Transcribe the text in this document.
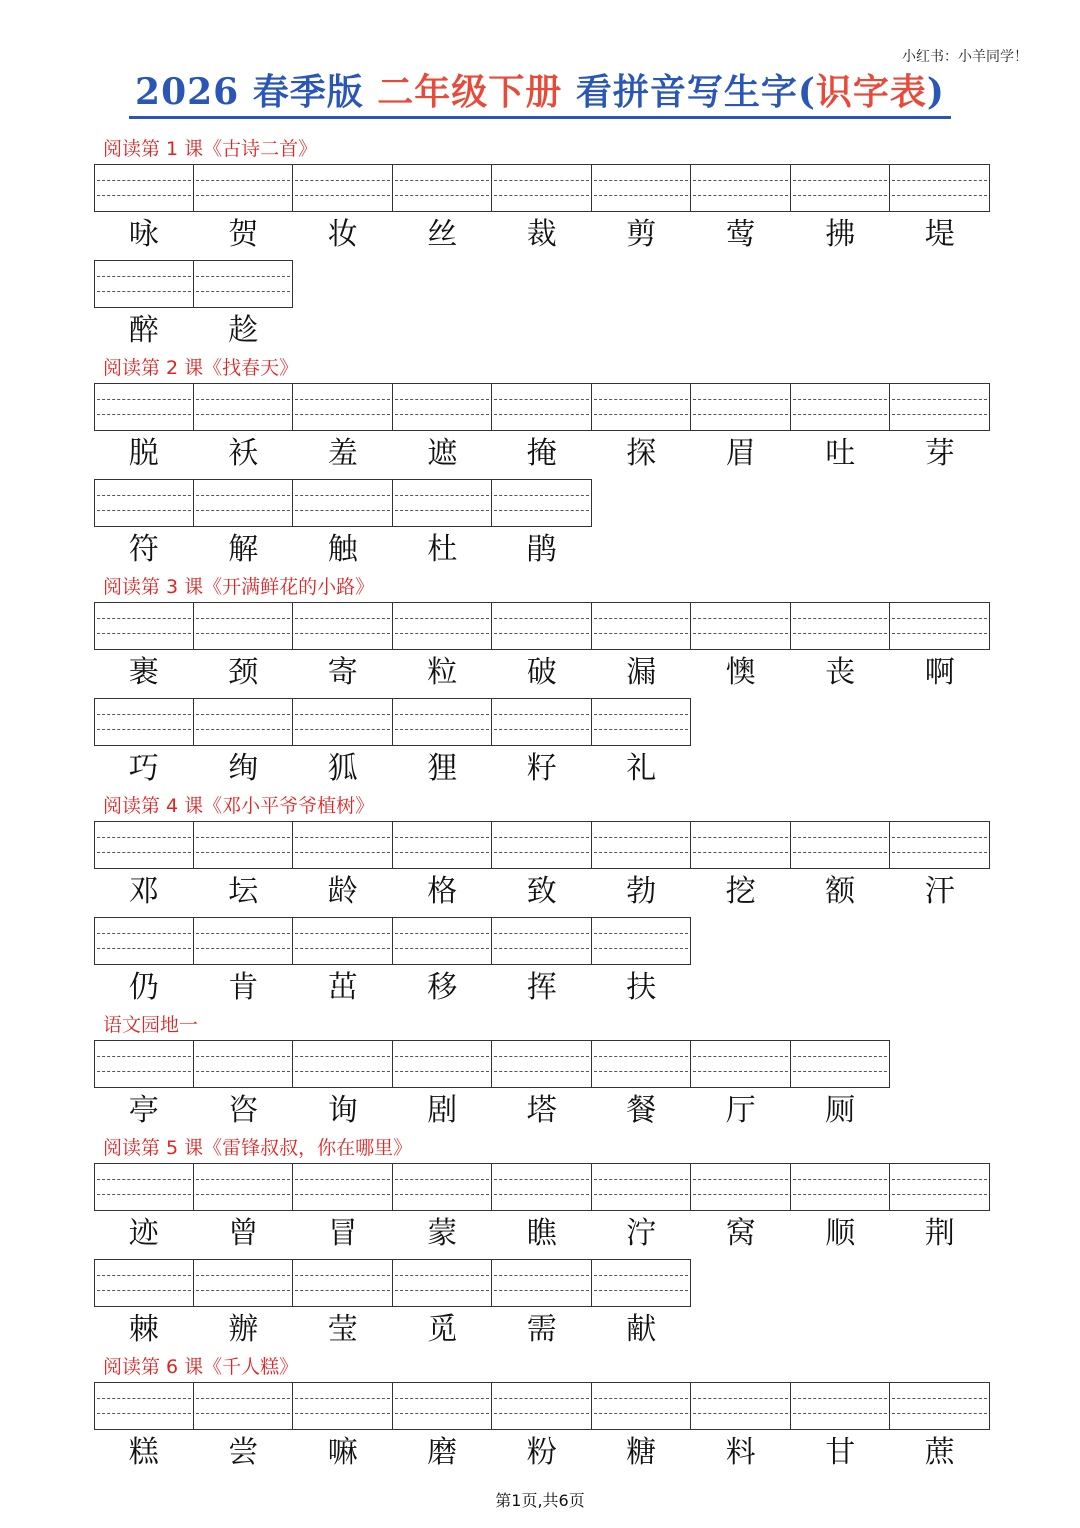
小红书：小羊同学！
2026 春季版 二年级下册 看拼音写生字(识字表)
阅读第 1 课《古诗二首》
咏	贺	妆	丝	裁	剪	莺	拂	堤
醉	趁
阅读第 2 课《找春天》
脱	袄	羞	遮	掩	探	眉	吐	芽
符	解	触	杜	鹃
阅读第 3 课《开满鲜花的小路》
裹	颈	寄	粒	破	漏	懊	丧	啊
巧	绚	狐	狸	籽	礼
阅读第 4 课《邓小平爷爷植树》
邓	坛	龄	格	致	勃	挖	额	汗
仍	肯	茁	移	挥	扶
语文园地一
亭	咨	询	剧	塔	餐	厅	厕
阅读第 5 课《雷锋叔叔，你在哪里》
迹	曾	冒	蒙	瞧	泞	窝	顺	荆
棘	辦	莹	觅	需	献
阅读第 6 课《千人糕》
糕	尝	嘛	磨	粉	糖	料	甘	蔗
第1页,共6页
